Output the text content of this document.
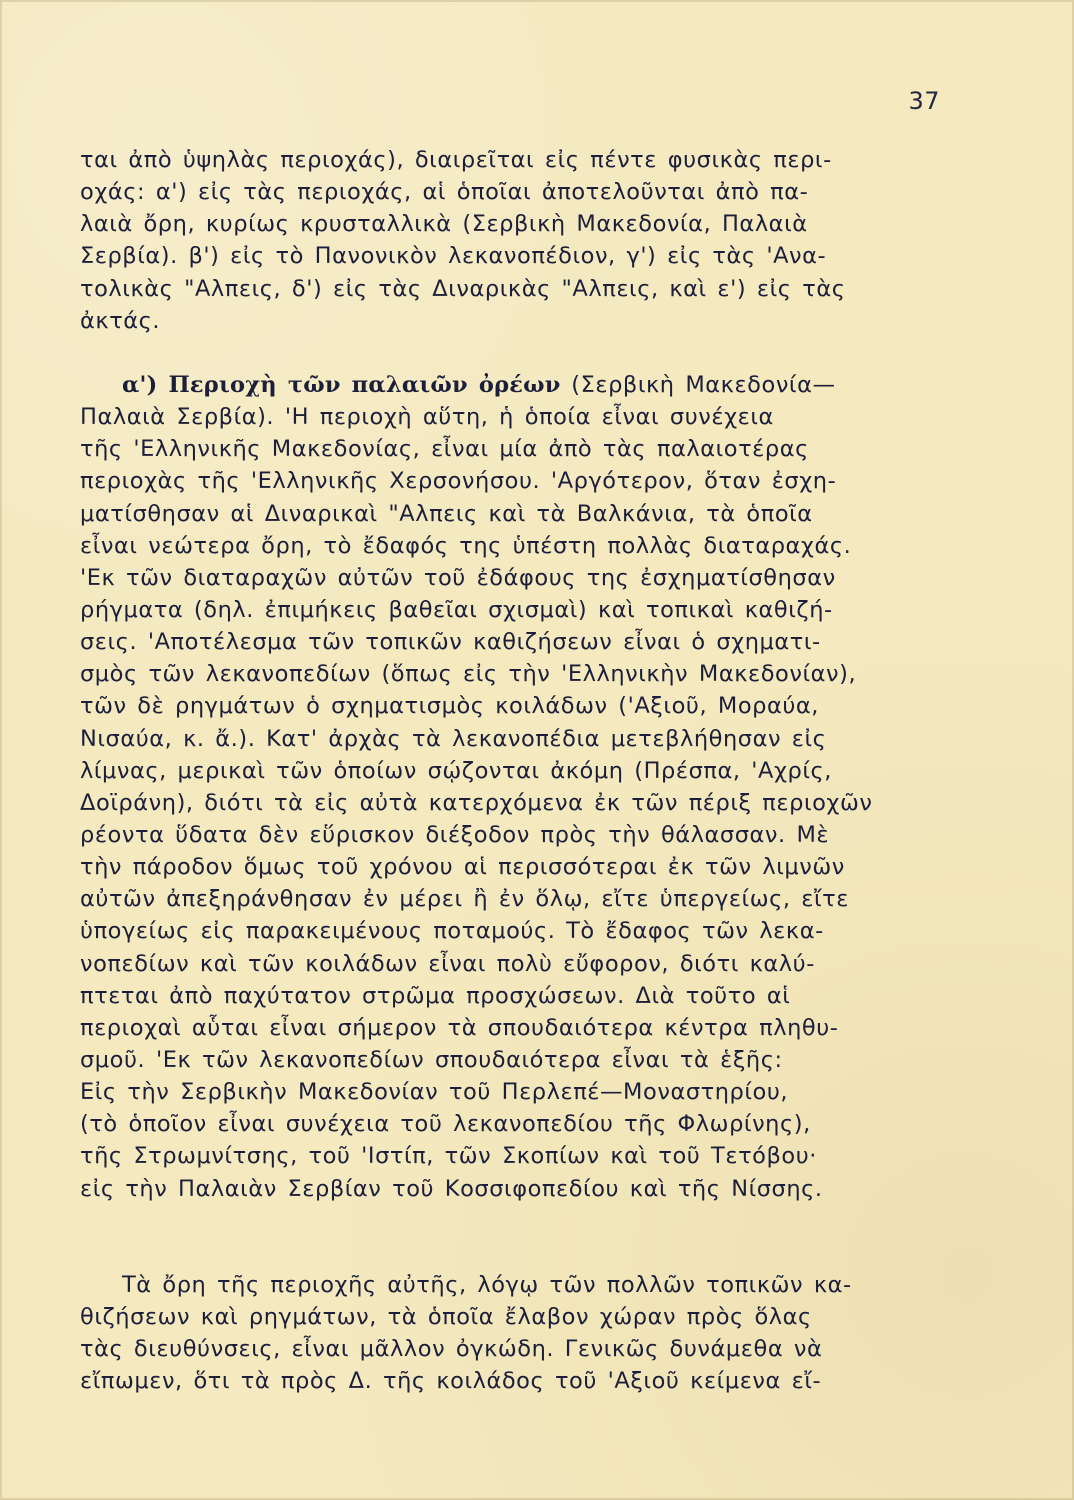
37
ται ἀπὸ ὑψηλὰς περιοχάς), διαιρεῖται εἰς πέντε φυσικὰς περι-
οχάς: α') εἰς τὰς περιοχάς, αἱ ὁποῖαι ἀποτελοῦνται ἀπὸ πα-
λαιὰ ὄρη, κυρίως κρυσταλλικὰ (Σερβικὴ Μακεδονία, Παλαιὰ
Σερβία). β') εἰς τὸ Πανονικὸν λεκανοπέδιον, γ') εἰς τὰς 'Ανα-
τολικὰς "Αλπεις, δ') εἰς τὰς Διναρικὰς "Αλπεις, καὶ ε') εἰς τὰς
ἀκτάς.
α') Περιοχὴ τῶν παλαιῶν ὀρέων (Σερβικὴ Μακεδονία—
Παλαιὰ Σερβία). 'Η περιοχὴ αὕτη, ἡ ὁποία εἶναι συνέχεια
τῆς 'Ελληνικῆς Μακεδονίας, εἶναι μία ἀπὸ τὰς παλαιοτέρας
περιοχὰς τῆς 'Ελληνικῆς Χερσονήσου. 'Αργότερον, ὅταν ἐσχη-
ματίσθησαν αἱ Διναρικαὶ "Αλπεις καὶ τὰ Βαλκάνια, τὰ ὁποῖα
εἶναι νεώτερα ὄρη, τὸ ἔδαφός της ὑπέστη πολλὰς διαταραχάς.
'Εκ τῶν διαταραχῶν αὐτῶν τοῦ ἐδάφους της ἐσχηματίσθησαν
ρήγματα (δηλ. ἐπιμήκεις βαθεῖαι σχισμαὶ) καὶ τοπικαὶ καθιζή-
σεις. 'Αποτέλεσμα τῶν τοπικῶν καθιζήσεων εἶναι ὁ σχηματι-
σμὸς τῶν λεκανοπεδίων (ὅπως εἰς τὴν 'Ελληνικὴν Μακεδονίαν),
τῶν δὲ ρηγμάτων ὁ σχηματισμὸς κοιλάδων ('Αξιοῦ, Μοραύα,
Νισαύα, κ. ἄ.). Κατ' ἀρχὰς τὰ λεκανοπέδια μετεβλήθησαν εἰς
λίμνας, μερικαὶ τῶν ὁποίων σῴζονται ἀκόμη (Πρέσπα, 'Αχρίς,
Δοϊράνη), διότι τὰ εἰς αὐτὰ κατερχόμενα ἐκ τῶν πέριξ περιοχῶν
ρέοντα ὕδατα δὲν εὕρισκον διέξοδον πρὸς τὴν θάλασσαν. Μὲ
τὴν πάροδον ὅμως τοῦ χρόνου αἱ περισσότεραι ἐκ τῶν λιμνῶν
αὐτῶν ἀπεξηράνθησαν ἐν μέρει ἢ ἐν ὅλῳ, εἴτε ὑπεργείως, εἴτε
ὑπογείως εἰς παρακειμένους ποταμούς. Τὸ ἔδαφος τῶν λεκα-
νοπεδίων καὶ τῶν κοιλάδων εἶναι πολὺ εὔφορον, διότι καλύ-
πτεται ἀπὸ παχύτατον στρῶμα προσχώσεων. Διὰ τοῦτο αἱ
περιοχαὶ αὗται εἶναι σήμερον τὰ σπουδαιότερα κέντρα πληθυ-
σμοῦ. 'Εκ τῶν λεκανοπεδίων σπουδαιότερα εἶναι τὰ ἑξῆς:
Εἰς τὴν Σερβικὴν Μακεδονίαν τοῦ Περλεπέ—Μοναστηρίου,
(τὸ ὁποῖον εἶναι συνέχεια τοῦ λεκανοπεδίου τῆς Φλωρίνης),
τῆς Στρωμνίτσης, τοῦ 'Ιστίπ, τῶν Σκοπίων καὶ τοῦ Τετόβου·
εἰς τὴν Παλαιὰν Σερβίαν τοῦ Κοσσιφοπεδίου καὶ τῆς Νίσσης.
Τὰ ὄρη τῆς περιοχῆς αὐτῆς, λόγῳ τῶν πολλῶν τοπικῶν κα-
θιζήσεων καὶ ρηγμάτων, τὰ ὁποῖα ἔλαβον χώραν πρὸς ὅλας
τὰς διευθύνσεις, εἶναι μᾶλλον ὀγκώδη. Γενικῶς δυνάμεθα νὰ
εἴπωμεν, ὅτι τὰ πρὸς Δ. τῆς κοιλάδος τοῦ 'Αξιοῦ κείμενα εἴ-
